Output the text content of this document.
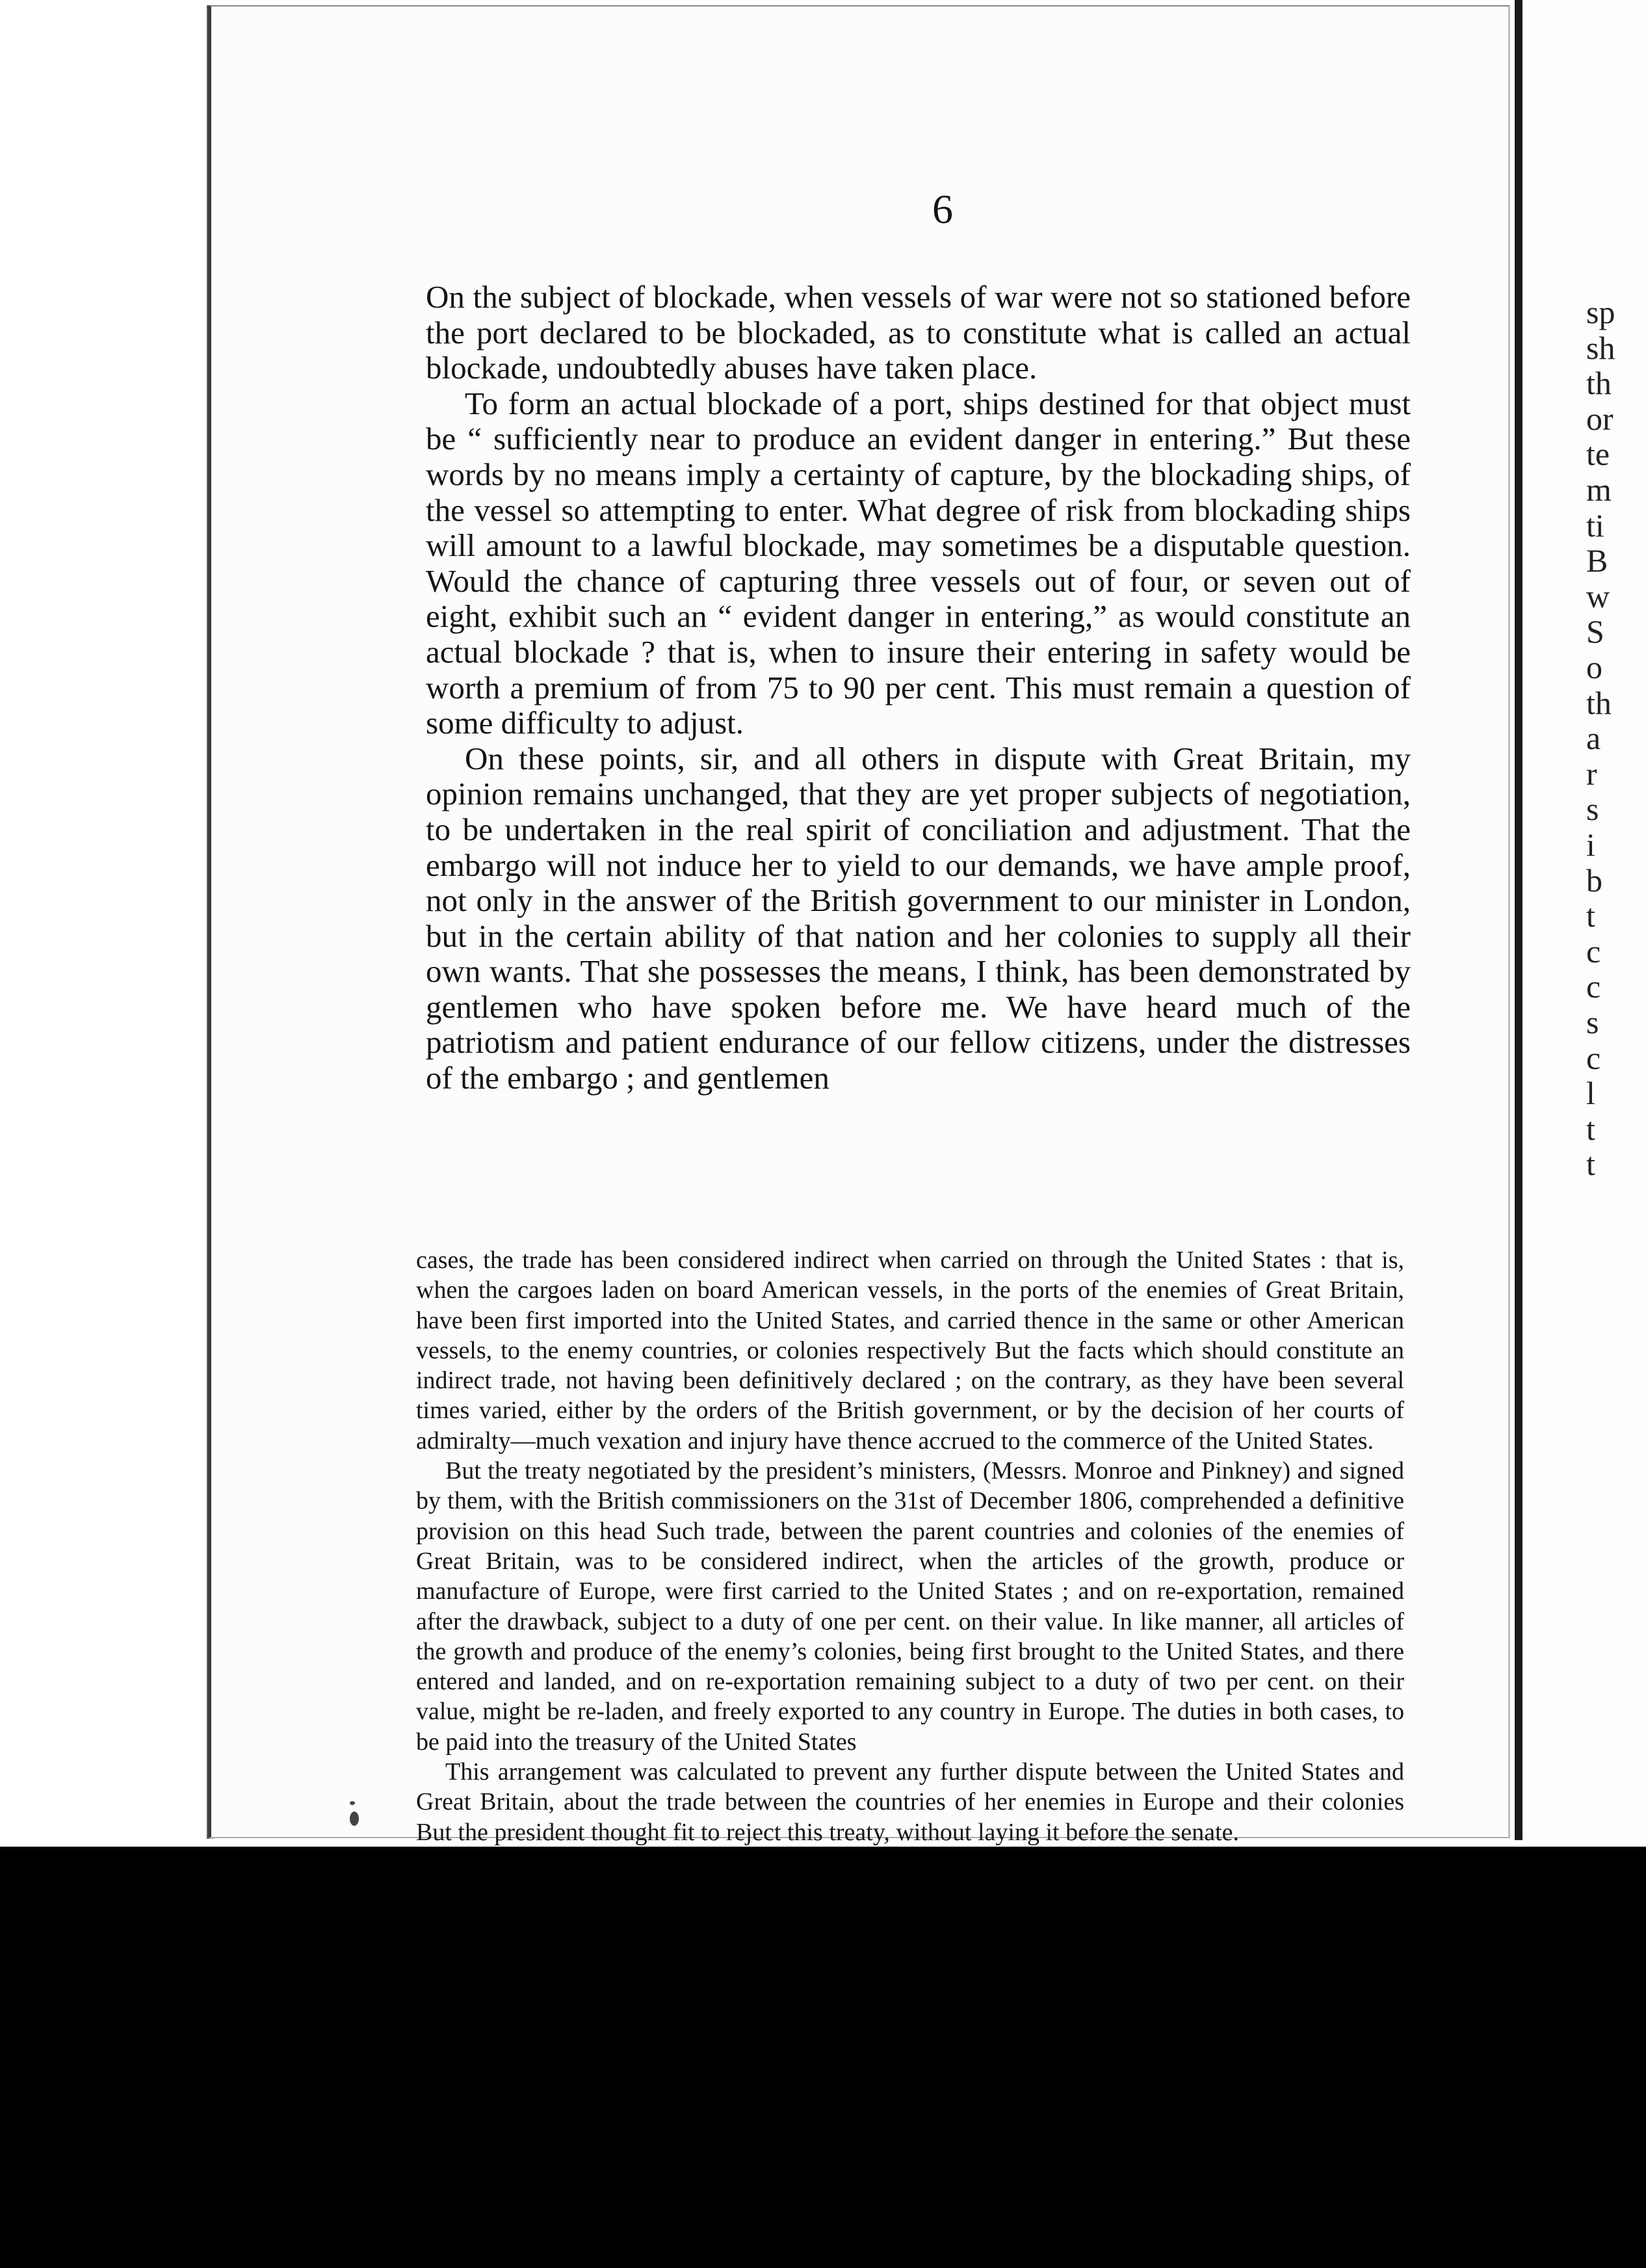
6

On the subject of blockade, when vessels of war were not so stationed before the port declared to be blockaded, as to constitute what is called an actual blockade, undoubtedly abuses have taken place.

To form an actual blockade of a port, ships destined for that object must be “ sufficiently near to produce an evident danger in entering.” But these words by no means imply a certainty of capture, by the blockading ships, of the vessel so attempting to enter. What degree of risk from blockading ships will amount to a lawful blockade, may sometimes be a disputable question. Would the chance of capturing three vessels out of four, or seven out of eight, exhibit such an “ evident danger in entering,” as would constitute an actual blockade ? that is, when to insure their entering in safety would be worth a premium of from 75 to 90 per cent. This must remain a question of some difficulty to adjust.

On these points, sir, and all others in dispute with Great Britain, my opinion remains unchanged, that they are yet proper subjects of negotiation, to be undertaken in the real spirit of conciliation and adjustment. That the embargo will not induce her to yield to our demands, we have ample proof, not only in the answer of the British government to our minister in London, but in the certain ability of that nation and her colonies to supply all their own wants. That she possesses the means, I think, has been demonstrated by gentlemen who have spoken before me. We have heard much of the patriotism and patient endurance of our fellow citizens, under the distresses of the embargo ; and gentlemen

cases, the trade has been considered indirect when carried on through the United States : that is, when the cargoes laden on board American vessels, in the ports of the enemies of Great Britain, have been first imported into the United States, and carried thence in the same or other American vessels, to the enemy countries, or colonies respectively But the facts which should constitute an indirect trade, not having been definitively declared ; on the contrary, as they have been several times varied, either by the orders of the British government, or by the decision of her courts of admiralty—much vexation and injury have thence accrued to the commerce of the United States.

But the treaty negotiated by the president’s ministers, (Messrs. Monroe and Pinkney) and signed by them, with the British commissioners on the 31st of December 1806, comprehended a definitive provision on this head Such trade, between the parent countries and colonies of the enemies of Great Britain, was to be considered indirect, when the articles of the growth, produce or manufacture of Europe, were first carried to the United States ; and on re-exportation, remained after the drawback, subject to a duty of one per cent. on their value. In like manner, all articles of the growth and produce of the enemy’s colonies, being first brought to the United States, and there entered and landed, and on re-exportation remaining subject to a duty of two per cent. on their value, might be re-laden, and freely exported to any country in Europe. The duties in both cases, to be paid into the treasury of the United States

This arrangement was calculated to prevent any further dispute between the United States and Great Britain, about the trade between the countries of her enemies in Europe and their colonies But the president thought fit to reject this treaty, without laying it before the senate.

sp
sh
th
or
te
m
ti
B
w
S
o
th
a
r
s
i
b
t
c
c
s
c
l
t
t
